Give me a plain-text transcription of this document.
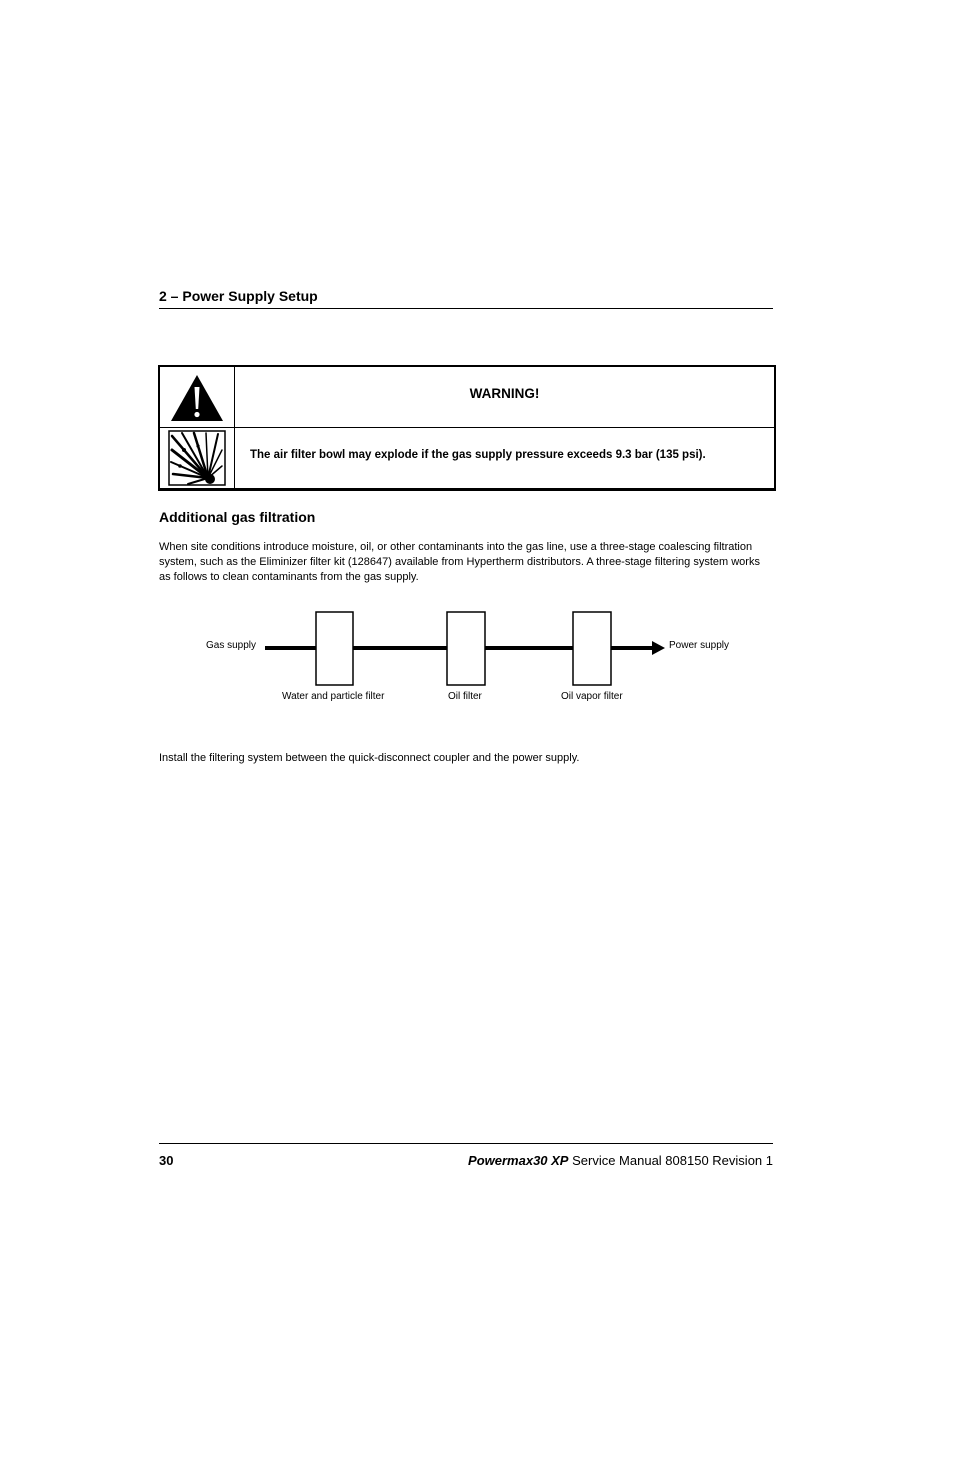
2 – Power Supply Setup
WARNING!
The air filter bowl may explode if the gas supply pressure exceeds 9.3 bar (135 psi).
Additional gas filtration
When site conditions introduce moisture, oil, or other contaminants into the gas line, use a three-stage coalescing filtration system, such as the Eliminizer filter kit (128647) available from Hypertherm distributors. A three-stage filtering system works as follows to clean contaminants from the gas supply.
Gas supply	Power supply
Water and particle filter	Oil filter	Oil vapor filter
Install the filtering system between the quick-disconnect coupler and the power supply.
30	Powermax30 XP Service Manual 808150 Revision 1
